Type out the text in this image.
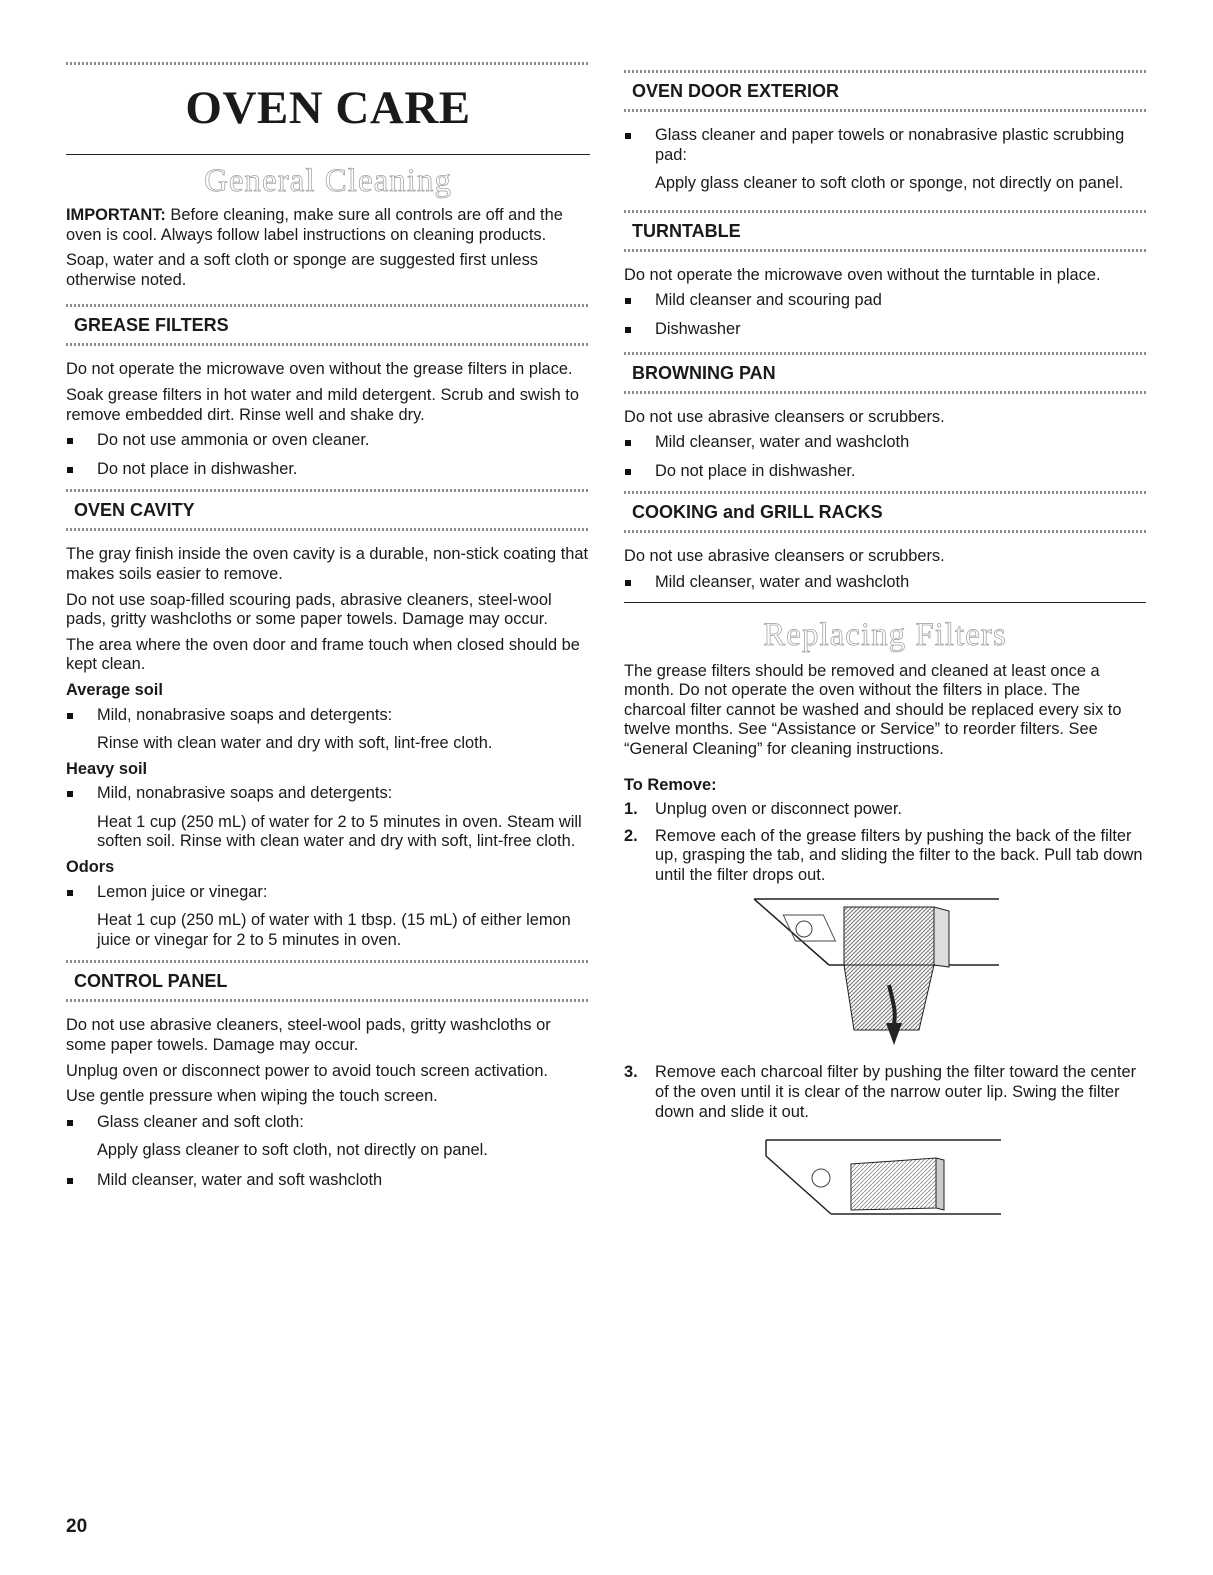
OVEN CARE
General Cleaning

IMPORTANT: Before cleaning, make sure all controls are off and the oven is cool. Always follow label instructions on cleaning products.

Soap, water and a soft cloth or sponge are suggested first unless otherwise noted.

GREASE FILTERS

Do not operate the microwave oven without the grease filters in place.

Soak grease filters in hot water and mild detergent. Scrub and swish to remove embedded dirt. Rinse well and shake dry.

Do not use ammonia or oven cleaner.
Do not place in dishwasher.
OVEN CAVITY

The gray finish inside the oven cavity is a durable, non-stick coating that makes soils easier to remove.

Do not use soap-filled scouring pads, abrasive cleaners, steel-wool pads, gritty washcloths or some paper towels. Damage may occur.

The area where the oven door and frame touch when closed should be kept clean.

Average soil
Mild, nonabrasive soaps and detergents:

Rinse with clean water and dry with soft, lint-free cloth.

Heavy soil
Mild, nonabrasive soaps and detergents:

Heat 1 cup (250 mL) of water for 2 to 5 minutes in oven. Steam will soften soil. Rinse with clean water and dry with soft, lint-free cloth.

Odors
Lemon juice or vinegar:

Heat 1 cup (250 mL) of water with 1 tbsp. (15 mL) of either lemon juice or vinegar for 2 to 5 minutes in oven.

CONTROL PANEL

Do not use abrasive cleaners, steel-wool pads, gritty washcloths or some paper towels. Damage may occur.

Unplug oven or disconnect power to avoid touch screen activation.

Use gentle pressure when wiping the touch screen.

Glass cleaner and soft cloth:

Apply glass cleaner to soft cloth, not directly on panel.

Mild cleanser, water and soft washcloth
OVEN DOOR EXTERIOR
Glass cleaner and paper towels or nonabrasive plastic scrubbing pad:

Apply glass cleaner to soft cloth or sponge, not directly on panel.

TURNTABLE

Do not operate the microwave oven without the turntable in place.

Mild cleanser and scouring pad
Dishwasher
BROWNING PAN

Do not use abrasive cleansers or scrubbers.

Mild cleanser, water and washcloth
Do not place in dishwasher.
COOKING and GRILL RACKS

Do not use abrasive cleansers or scrubbers.

Mild cleanser, water and washcloth
Replacing Filters

The grease filters should be removed and cleaned at least once a month. Do not operate the oven without the filters in place. The charcoal filter cannot be washed and should be replaced every six to twelve months. See “Assistance or Service” to reorder filters. See “General Cleaning” for cleaning instructions.

To Remove:
1. Unplug oven or disconnect power.
2. Remove each of the grease filters by pushing the back of the filter up, grasping the tab, and sliding the filter to the back. Pull tab down until the filter drops out.
3. Remove each charcoal filter by pushing the filter toward the center of the oven until it is clear of the narrow outer lip. Swing the filter down and slide it out.
20
